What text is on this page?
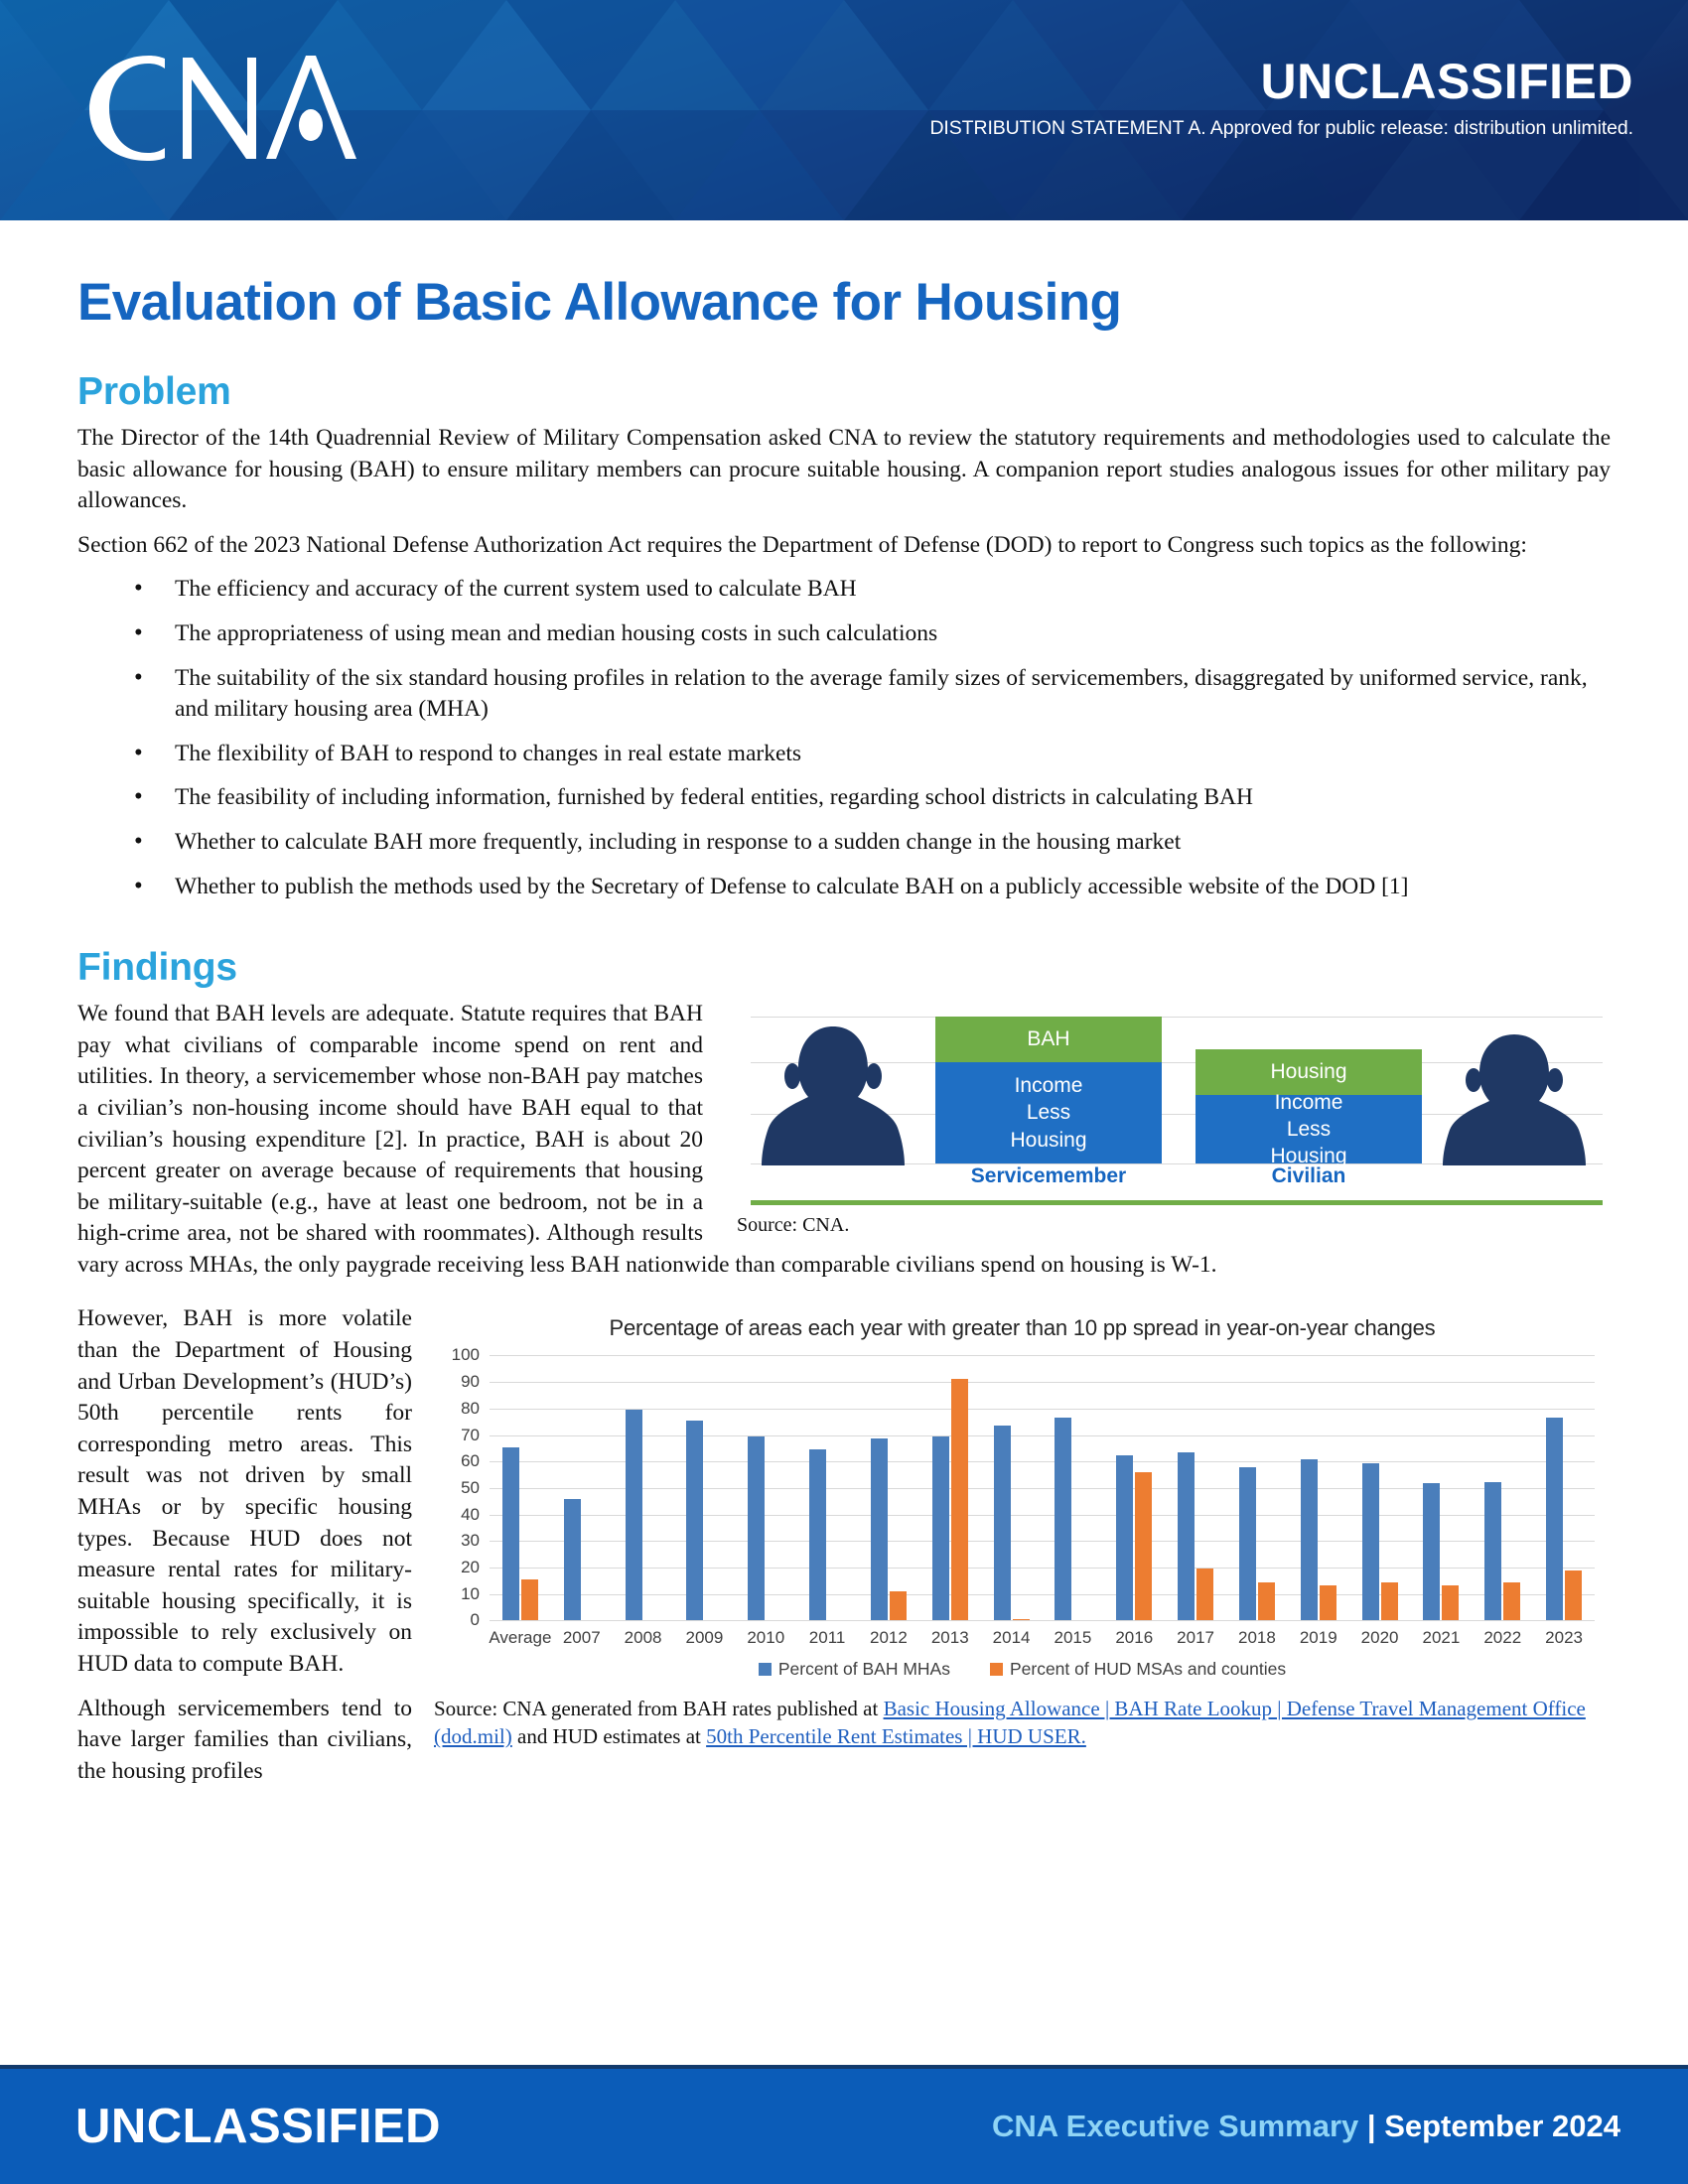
UNCLASSIFIED
DISTRIBUTION STATEMENT A. Approved for public release: distribution unlimited.
Evaluation of Basic Allowance for Housing
Problem

The Director of the 14th Quadrennial Review of Military Compensation asked CNA to review the statutory requirements and methodologies used to calculate the basic allowance for housing (BAH) to ensure military members can procure suitable housing. A companion report studies analogous issues for other military pay allowances.

Section 662 of the 2023 National Defense Authorization Act requires the Department of Defense (DOD) to report to Congress such topics as the following:

• The efficiency and accuracy of the current system used to calculate BAH
• The appropriateness of using mean and median housing costs in such calculations
• The suitability of the six standard housing profiles in relation to the average family sizes of servicemembers, disaggregated by uniformed service, rank, and military housing area (MHA)
• The flexibility of BAH to respond to changes in real estate markets
• The feasibility of including information, furnished by federal entities, regarding school districts in calculating BAH
• Whether to calculate BAH more frequently, including in response to a sudden change in the housing market
• Whether to publish the methods used by the Secretary of Defense to calculate BAH on a publicly accessible website of the DOD [1]
Findings
BAH
Income
Less
Housing
Housing
Income
Less
Housing
Servicemember	Civilian
Source: CNA.

We found that BAH levels are adequate. Statute requires that BAH pay what civilians of comparable income spend on rent and utilities. In theory, a servicemember whose non-BAH pay matches a civilian’s non-housing income should have BAH equal to that civilian’s housing expenditure [2]. In practice, BAH is about 20 percent greater on average because of requirements that housing be military-suitable (e.g., have at least one bedroom, not be in a high-crime area, not be shared with roommates). Although results vary across MHAs, the only paygrade receiving less BAH nationwide than comparable civilians spend on housing is W-1.

Percentage of areas each year with greater than 10 pp spread in year-on-year changes
0
10
20
30
40
50
60
70
80
90
100
Average 2007 2008 2009 2010 2011 2012 2013 2014 2015 2016 2017 2018 2019 2020 2021 2022 2023
Percent of BAH MHAs	Percent of HUD MSAs and counties
Source: CNA generated from BAH rates published at Basic Housing Allowance | BAH Rate Lookup | Defense Travel Management Office (dod.mil) and HUD estimates at 50th Percentile Rent Estimates | HUD USER.

However, BAH is more volatile than the Department of Housing and Urban Development’s (HUD’s) 50th percentile rents for corresponding metro areas. This result was not driven by small MHAs or by specific housing types. Because HUD does not measure rental rates for military-suitable housing specifically, it is impossible to rely exclusively on HUD data to compute BAH.

Although servicemembers tend to have larger families than civilians, the housing profiles

UNCLASSIFIED	CNA Executive Summary | September 2024
